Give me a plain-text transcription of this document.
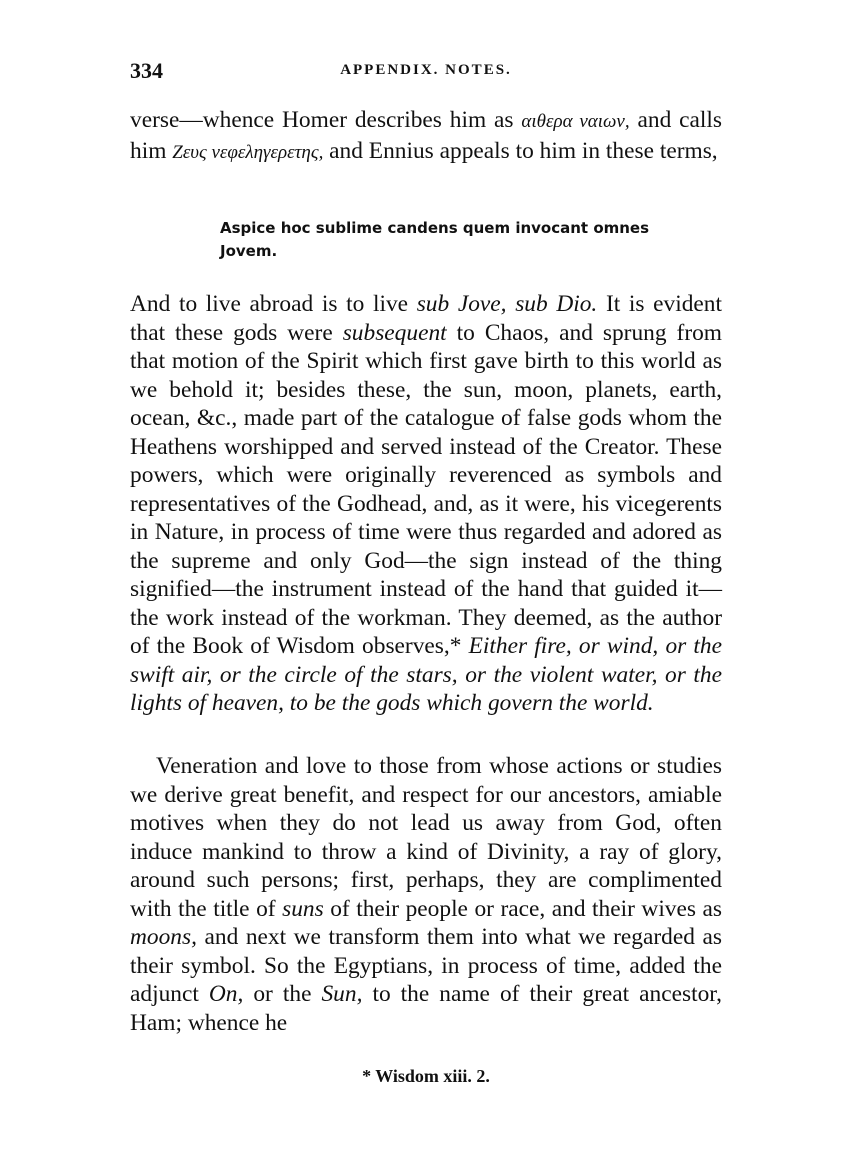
334	APPENDIX. NOTES.
verse—whence Homer describes him as αιθερα ναιων, and calls him Ζευς νεφεληγερετης, and Ennius appeals to him in these terms,
Aspice hoc sublime candens quem invocant omnes
Jovem.
And to live abroad is to live sub Jove, sub Dio. It is evident that these gods were subsequent to Chaos, and sprung from that motion of the Spirit which first gave birth to this world as we behold it; besides these, the sun, moon, planets, earth, ocean, &c., made part of the catalogue of false gods whom the Heathens worshipped and served instead of the Creator. These powers, which were originally reverenced as symbols and representatives of the Godhead, and, as it were, his vicegerents in Nature, in process of time were thus regarded and adored as the supreme and only God—the sign instead of the thing signified—the instrument instead of the hand that guided it—the work instead of the workman. They deemed, as the author of the Book of Wisdom observes,* Either fire, or wind, or the swift air, or the circle of the stars, or the violent water, or the lights of heaven, to be the gods which govern the world.
Veneration and love to those from whose actions or studies we derive great benefit, and respect for our ancestors, amiable motives when they do not lead us away from God, often induce mankind to throw a kind of Divinity, a ray of glory, around such persons; first, perhaps, they are complimented with the title of suns of their people or race, and their wives as moons, and next we transform them into what we regarded as their symbol. So the Egyptians, in process of time, added the adjunct On, or the Sun, to the name of their great ancestor, Ham; whence he
* Wisdom xiii. 2.
